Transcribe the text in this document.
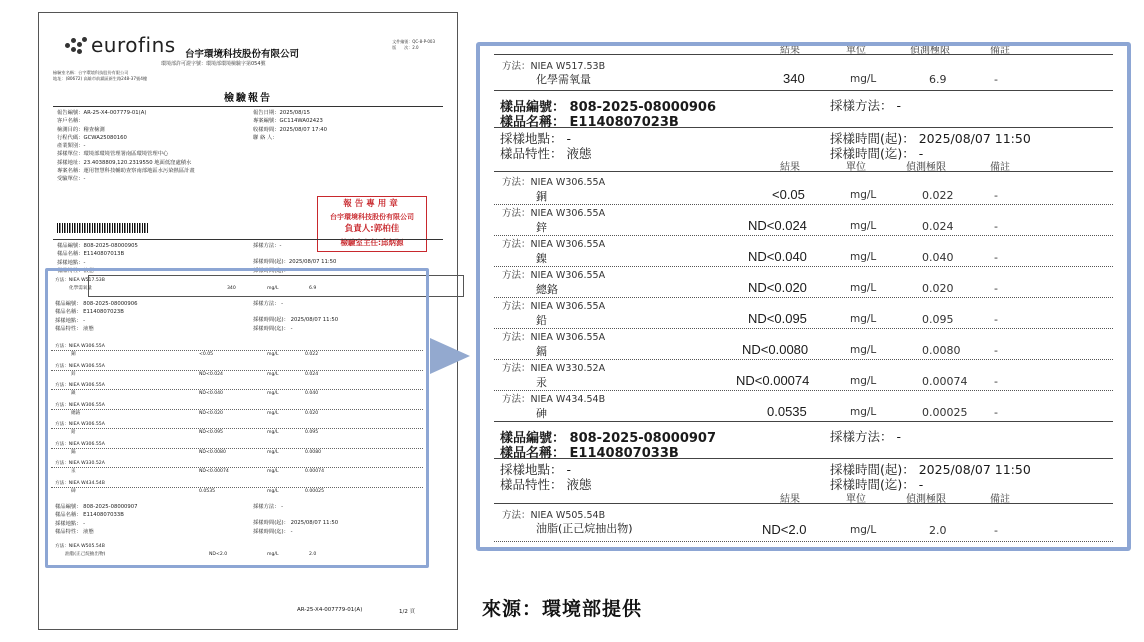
eurofins 台宇環境科技股份有限公司
環境部許可證字號：環境部環境檢驗字第054號
文件編號：QC-8-P-003
版　　次：2.0
檢驗室名稱：台宇環境科技股份有限公司
地址：(80672) 高雄市前鎮區新生路248-37號4樓
檢驗報告
報告編號：AR-25-X4-007779-01(A)
客戶名稱：
檢測目的：稽查檢測
行程代碼：GCWA25080160
產業類別：-
採樣單位：環境部環境管理署南區環境管理中心
採樣地址：23.4038809,120.2319550 地面低窪處積水
專案名稱：運用智慧科技輔助查察南部地區水污染熱區計畫
受驗單位：-
報告日期：2025/08/15
專案編號：GC114WA02423
收樣時間：2025/08/07 17:40
聯 絡 人：
報告專用章
台宇環境科技股份有限公司
負責人:郭柏佳
檢驗室主任:邱炳源
樣品編號：808-2025-08000905
樣品名稱：E1140807013B
採樣地點：-
樣品特性：液態
採樣方法：-
採樣時間(起)：2025/08/07 11:50
採樣時間(迄)：-
方法：NIEA W517.53B
化學需氧量	340	mg/L	6.9
樣品編號： 808-2025-08000906
樣品名稱： E1140807023B
採樣地點： -
樣品特性： 液態
採樣方法： -
採樣時間(起)： 2025/08/07 11:50
採樣時間(迄)： -
方法：NIEA W306.55A
銅	<0.05	mg/L	0.022
方法：NIEA W306.55A
鋅	ND<0.024	mg/L	0.024
方法：NIEA W306.55A
鎳	ND<0.040	mg/L	0.040
方法：NIEA W306.55A
總鉻	ND<0.020	mg/L	0.020
方法：NIEA W306.55A
鉛	ND<0.095	mg/L	0.095
方法：NIEA W306.55A
鎘	ND<0.0080	mg/L	0.0080
方法：NIEA W330.52A
汞	ND<0.00074	mg/L	0.00074
方法：NIEA W434.54B
砷	0.0535	mg/L	0.00025
樣品編號： 808-2025-08000907
樣品名稱： E1140807033B
採樣地點： -
樣品特性： 液態
採樣方法： -
採樣時間(起)： 2025/08/07 11:50
採樣時間(迄)： -
方法：NIEA W505.54B
油脂(正己烷抽出物)	ND<2.0	mg/L	2.0
AR-25-X4-007779-01(A)	1/2 頁
結果	單位	偵測極限	備註
方法：NIEA W517.53B
化學需氧量	340	mg/L	6.9	-
樣品編號： 808-2025-08000906
樣品名稱： E1140807023B
採樣方法： -
採樣地點： -
樣品特性： 液態
採樣時間(起)： 2025/08/07 11:50
採樣時間(迄)： -
結果	單位	偵測極限	備註
方法：NIEA W306.55A
銅	<0.05	mg/L	0.022	-
方法：NIEA W306.55A
鋅	ND<0.024	mg/L	0.024	-
方法：NIEA W306.55A
鎳	ND<0.040	mg/L	0.040	-
方法：NIEA W306.55A
總鉻	ND<0.020	mg/L	0.020	-
方法：NIEA W306.55A
鉛	ND<0.095	mg/L	0.095	-
方法：NIEA W306.55A
鎘	ND<0.0080	mg/L	0.0080	-
方法：NIEA W330.52A
汞	ND<0.00074	mg/L	0.00074 -
方法：NIEA W434.54B
砷	0.0535	mg/L	0.00025 -
樣品編號： 808-2025-08000907
樣品名稱： E1140807033B
採樣方法： -
採樣地點： -
樣品特性： 液態
採樣時間(起)： 2025/08/07 11:50
採樣時間(迄)： -
結果	單位	偵測極限	備註
方法：NIEA W505.54B
油脂(正己烷抽出物)	ND<2.0	mg/L	2.0	-
來源：環境部提供
